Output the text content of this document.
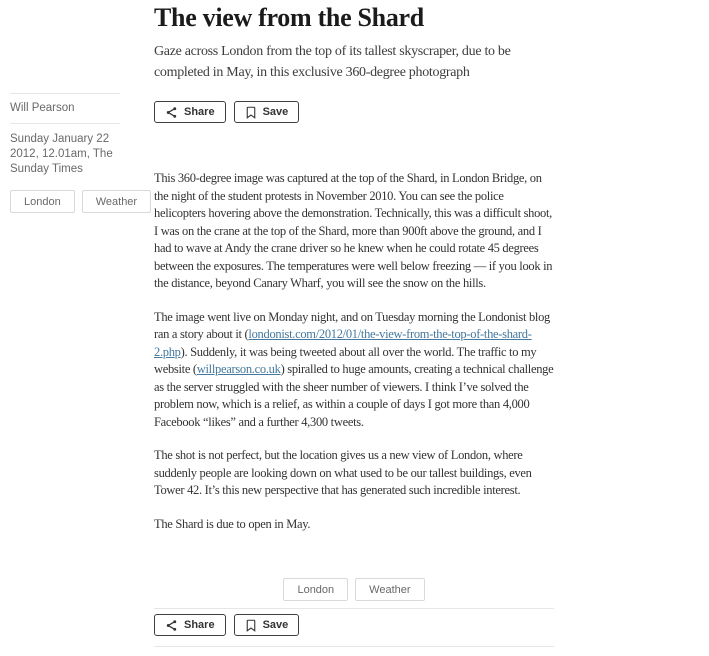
Will Pearson
Sunday January 22 2012, 12.01am, The Sunday Times
London	Weather
The view from the Shard

Gaze across London from the top of its tallest skyscraper, due to be completed in May, in this exclusive 360-degree photograph

Share	Save

This 360-degree image was captured at the top of the Shard, in London Bridge, on the night of the student protests in November 2010. You can see the police helicopters hovering above the demonstration. Technically, this was a difficult shoot, I was on the crane at the top of the Shard, more than 900ft above the ground, and I had to wave at Andy the crane driver so he knew when he could rotate 45 degrees between the exposures. The temperatures were well below freezing — if you look in the distance, beyond Canary Wharf, you will see the snow on the hills.

The image went live on Monday night, and on Tuesday morning the Londonist blog ran a story about it (londonist.com/2012/01/the-view-from-the-top-of-the-shard-2.php). Suddenly, it was being tweeted about all over the world. The traffic to my website (willpearson.co.uk) spiralled to huge amounts, creating a technical challenge as the server struggled with the sheer number of viewers. I think I’ve solved the problem now, which is a relief, as within a couple of days I got more than 4,000 Facebook “likes” and a further 4,300 tweets.

The shot is not perfect, but the location gives us a new view of London, where suddenly people are looking down on what used to be our tallest buildings, even Tower 42. It’s this new perspective that has generated such incredible interest.

The Shard is due to open in May.

London	Weather
Share	Save
